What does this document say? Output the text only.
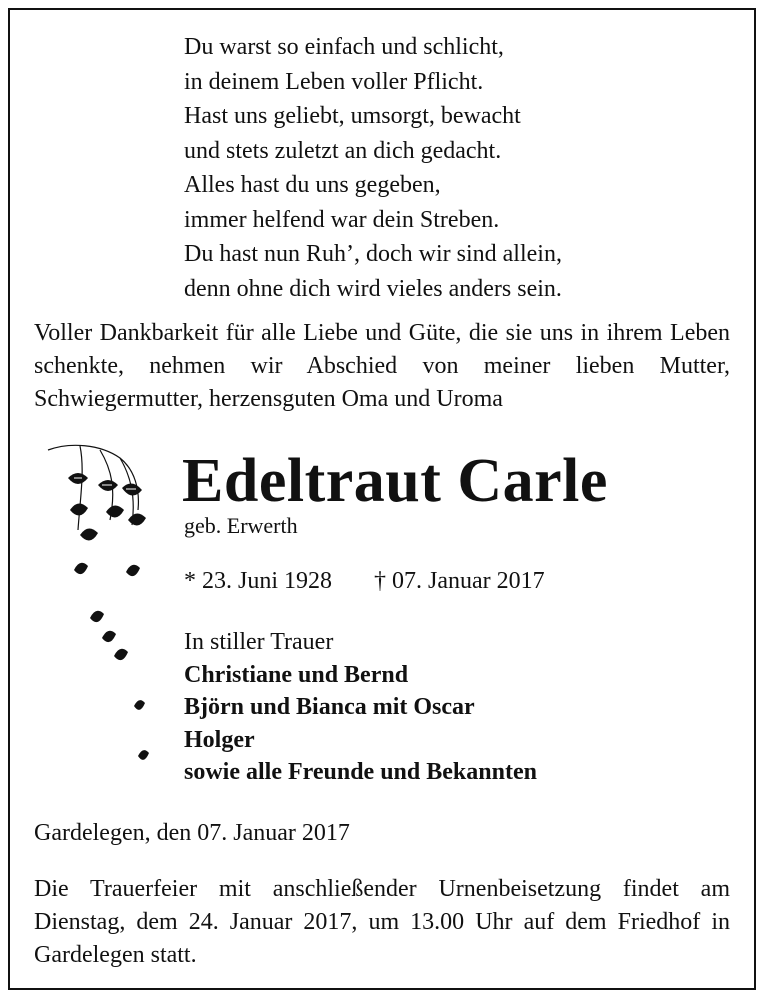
Du warst so einfach und schlicht,
in deinem Leben voller Pflicht.
Hast uns geliebt, umsorgt, bewacht
und stets zuletzt an dich gedacht.
Alles hast du uns gegeben,
immer helfend war dein Streben.
Du hast nun Ruh’, doch wir sind allein,
denn ohne dich wird vieles anders sein.
Voller Dankbarkeit für alle Liebe und Güte, die sie uns in ihrem Leben schenkte, nehmen wir Abschied von meiner lieben Mutter, Schwiegermutter, herzensguten Oma und Uroma
Edeltraut Carle
geb. Erwerth
* 23. Juni 1928 † 07. Januar 2017
In stiller Trauer
Christiane und Bernd
Björn und Bianca mit Oscar
Holger
sowie alle Freunde und Bekannten
Gardelegen, den 07. Januar 2017
Die Trauerfeier mit anschließender Urnenbeisetzung findet am Dienstag, dem 24. Januar 2017, um 13.00 Uhr auf dem Friedhof in Gardelegen statt.
